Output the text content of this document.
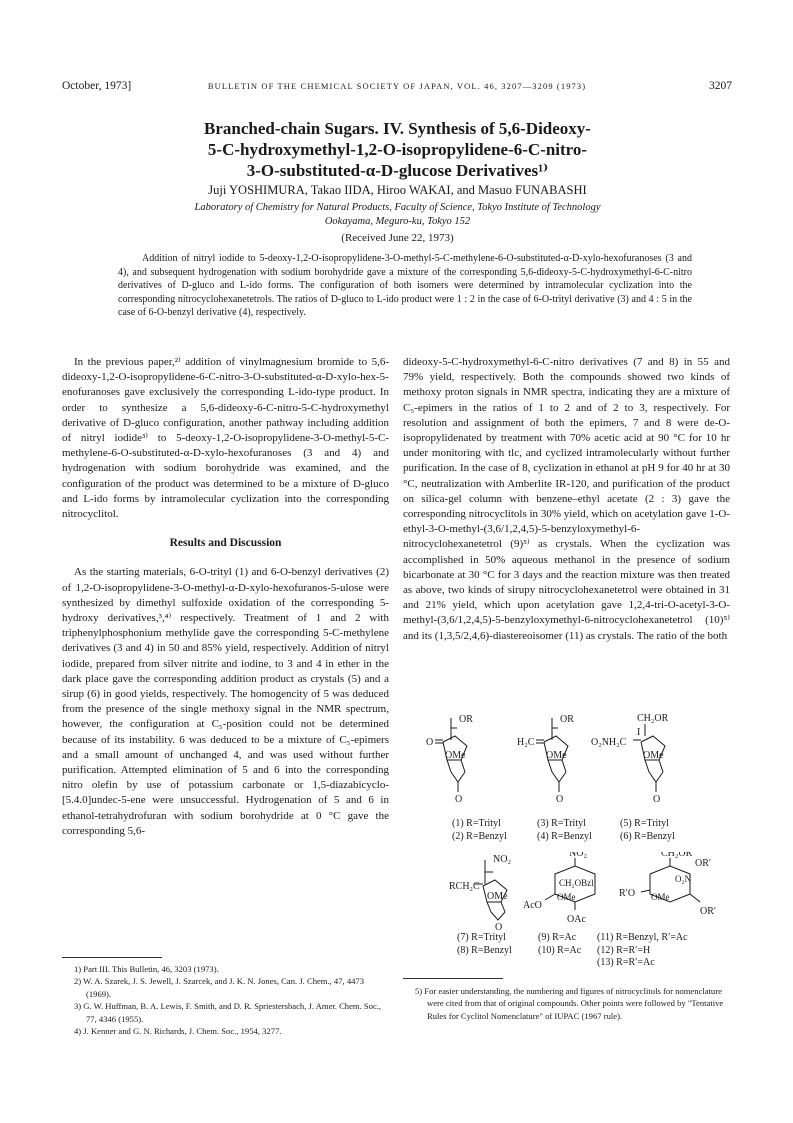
October, 1973]	BULLETIN OF THE CHEMICAL SOCIETY OF JAPAN, VOL. 46, 3207—3209 (1973)	3207
Branched-chain Sugars. IV. Synthesis of 5,6-Dideoxy-
5-C-hydroxymethyl-1,2-O-isopropylidene-6-C-nitro-
3-O-substituted-α-D-glucose Derivatives¹⁾
Juji YOSHIMURA, Takao IIDA, Hiroo WAKAI, and Masuo FUNABASHI
Laboratory of Chemistry for Natural Products, Faculty of Science, Tokyo Institute of Technology
Ookayama, Meguro-ku, Tokyo 152
(Received June 22, 1973)
Addition of nitryl iodide to 5-deoxy-1,2-O-isopropylidene-3-O-methyl-5-C-methylene-6-O-substituted-α-D-xylo-hexofuranoses (3 and 4), and subsequent hydrogenation with sodium borohydride gave a mixture of the corresponding 5,6-dideoxy-5-C-hydroxymethyl-6-C-nitro derivatives of D-gluco and L-ido forms. The configuration of both isomers were determined by intramolecular cyclization into the corresponding nitrocyclohexanetetrols. The ratios of D-gluco to L-ido product were 1 : 2 in the case of 6-O-trityl derivative (3) and 4 : 5 in the case of 6-O-benzyl derivative (4), respectively.

In the previous paper,²⁾ addition of vinylmagnesium bromide to 5,6-dideoxy-1,2-O-isopropylidene-6-C-nitro-3-O-substituted-α-D-xylo-hex-5-enofuranoses gave exclusively the corresponding L-ido-type product. In order to synthesize a 5,6-dideoxy-6-C-nitro-5-C-hydroxymethyl derivative of D-gluco configuration, another pathway including addition of nitryl iodide³⁾ to 5-deoxy-1,2-O-isopropylidene-3-O-methyl-5-C-methylene-6-O-substituted-α-D-xylo-hexofuranoses (3 and 4) and hydrogenation with sodium borohydride was examined, and the configuration of the product was determined to be a mixture of D-gluco and L-ido forms by intramolecular cyclization into the corresponding nitrocyclitol.

Results and Discussion

As the starting materials, 6-O-trityl (1) and 6-O-benzyl derivatives (2) of 1,2-O-isopropylidene-3-O-methyl-α-D-xylo-hexofuranos-5-ulose were synthesized by dimethyl sulfoxide oxidation of the corresponding 5-hydroxy derivatives,³,⁴⁾ respectively. Treatment of 1 and 2 with triphenylphosphonium methylide gave the corresponding 5-C-methylene derivatives (3 and 4) in 50 and 85% yield, respectively. Addition of nitryl iodide, prepared from silver nitrite and iodine, to 3 and 4 in ether in the dark place gave the corresponding addition product as crystals (5) and a sirup (6) in good yields, respectively. The homogencity of 5 was deduced from the presence of the single methoxy signal in the NMR spectrum, however, the configuration at C₅-position could not be determined because of its instability. 6 was deduced to be a mixture of C₅-epimers and a small amount of unchanged 4, and was used without further purification. Attempted elimination of 5 and 6 into the corresponding nitro olefin by use of potassium carbonate or 1,5-diazabicyclo-[5.4.0]undec-5-ene were unsuccessful. Hydrogenation of 5 and 6 in ethanol-tetrahydrofuran with sodium borohydride at 0 °C gave the corresponding 5,6-

dideoxy-5-C-hydroxymethyl-6-C-nitro derivatives (7 and 8) in 55 and 79% yield, respectively. Both the compounds showed two kinds of methoxy proton signals in NMR spectra, indicating they are a mixture of C₅-epimers in the ratios of 1 to 2 and of 2 to 3, respectively. For resolution and assignment of both the epimers, 7 and 8 were de-O-isopropylidenated by treatment with 70% acetic acid at 90 °C for 10 hr under monitoring with tlc, and cyclized intramolecularly without further purification. In the case of 8, cyclization in ethanol at pH 9 for 40 hr at 30 °C, neutralization with Amberlite IR-120, and purification of the product on silica-gel column with benzene–ethyl acetate (2 : 3) gave the corresponding nitrocyclitols in 30% yield, which on acetylation gave 1-O-ethyl-3-O-methyl-(3,6/1,2,4,5)-5-benzyloxymethyl-6-nitrocyclohexanetetrol (9)⁵⁾ as crystals. When the cyclization was accomplished in 50% aqueous methanol in the presence of sodium bicarbonate at 30 °C for 3 days and the reaction mixture was then treated as above, two kinds of sirupy nitrocyclohexanetetrol were obtained in 31 and 21% yield, which upon acetylation gave 1,2,4-tri-O-acetyl-3-O-methyl-(3,6/1,2,4,5)-5-benzyloxymethyl-6-nitrocyclohexanetetrol (10)⁵⁾ and its (1,3,5/2,4,6)-diastereoisomer (11) as crystals. The ratio of the both

OR
O
OMe
O
OR
H₂C
OMe
O
CH₂OR
O₂NH₂C
I
OMe
O
(1) R=Trityl
(2) R=Benzyl
(3) R=Trityl
(4) R=Benzyl
(5) R=Trityl
(6) R=Benzyl
NO₂
RCH₂C
OMe
O
NO₂
CH₂OBzl
OMe
AcO
OAc
CH₂OR
O₂N
OR′
R′O OMe
OR′
(7) R=Trityl
(8) R=Benzyl
(9) R=Ac
(10) R=Ac
(11) R=Benzyl, R′=Ac
(12) R=R′=H
(13) R=R′=Ac

1) Part III. This Bulletin, 46, 3203 (1973).

2) W. A. Szarek, J. S. Jewell, J. Szarcek, and J. K. N. Jones, Can. J. Chem., 47, 4473 (1969).

3) G. W. Huffman, B. A. Lewis, F. Smith, and D. R. Spriestersbach, J. Amer. Chem. Soc., 77, 4346 (1955).

4) J. Kenner and G. N. Richards, J. Chem. Soc., 1954, 3277.

5) For easier understanding, the numbering and figures of nitrocyclitols for nomenclature were cited from that of original compounds. Other points were followed by "Tentative Rules for Cyclitol Nomenclature" of IUPAC (1967 rule).
